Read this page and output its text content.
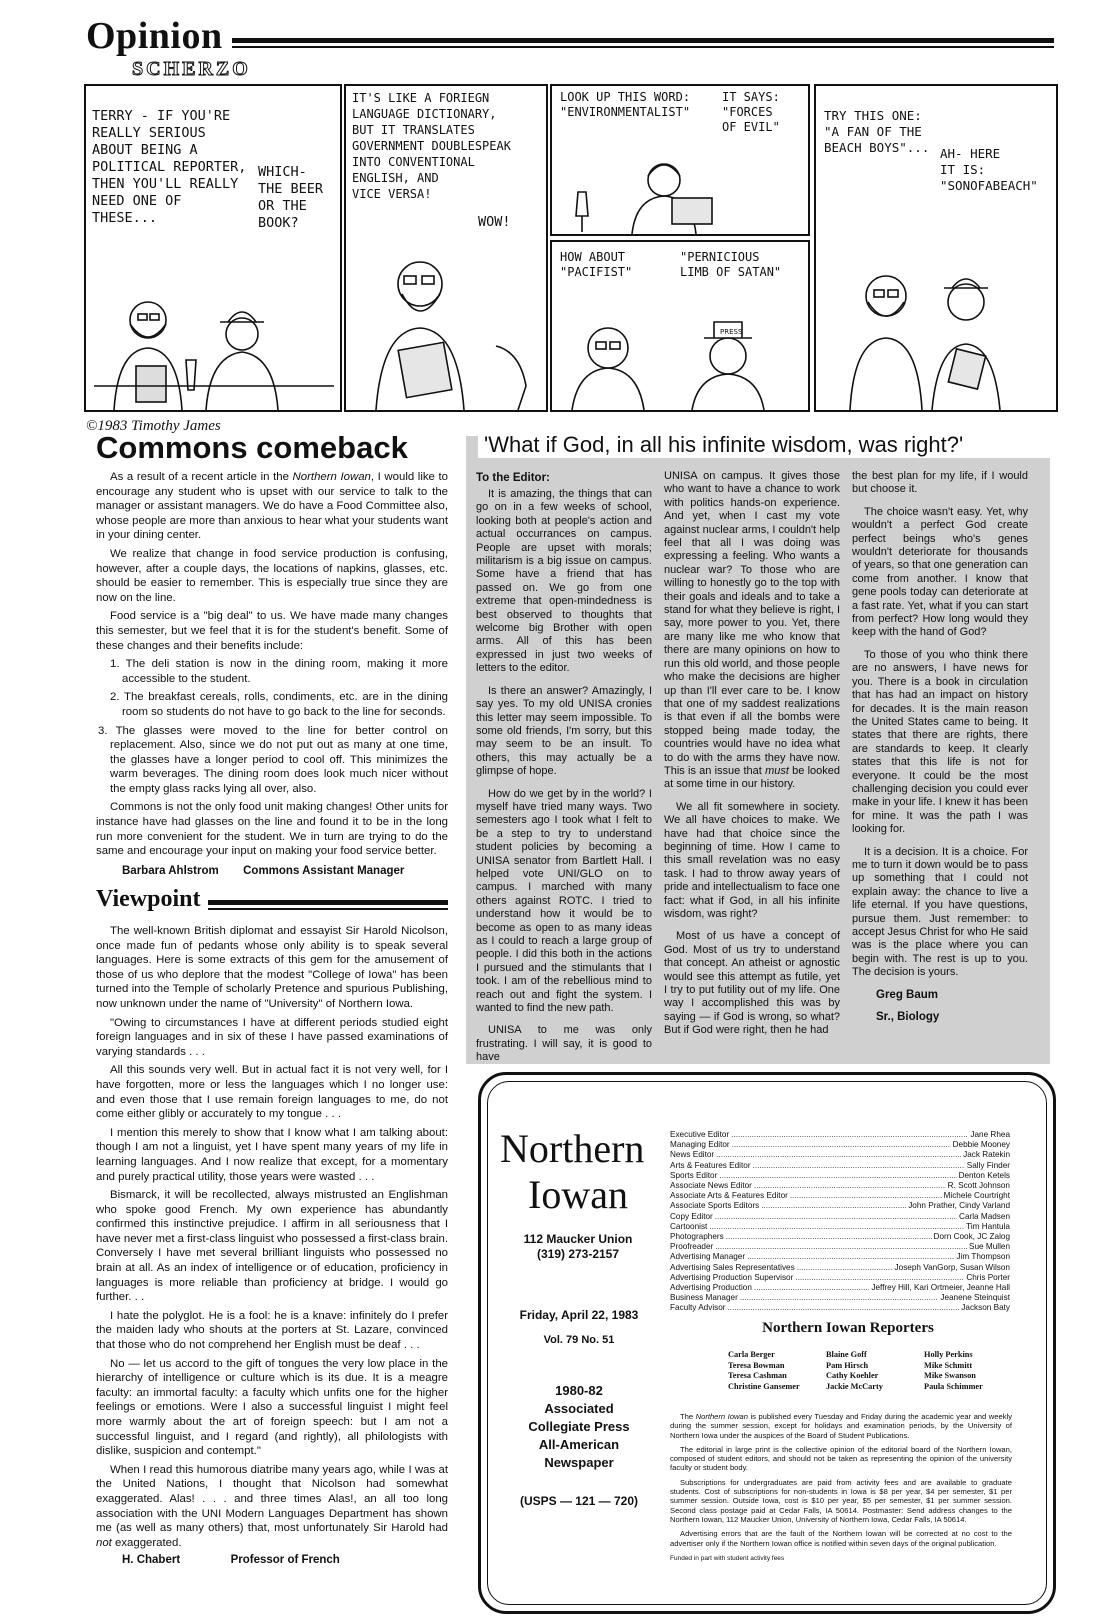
Opinion
SCHERZO
TERRY - IF YOU'RE
REALLY SERIOUS
ABOUT BEING A
POLITICAL REPORTER,
THEN YOU'LL REALLY
NEED ONE OF
THESE...
WHICH-
THE BEER
OR THE
BOOK?
IT'S LIKE A FORIEGN
LANGUAGE DICTIONARY,
BUT IT TRANSLATES
GOVERNMENT DOUBLESPEAK
INTO CONVENTIONAL
ENGLISH, AND
VICE VERSA!
WOW!
LOOK UP THIS WORD:
"ENVIRONMENTALIST"
IT SAYS:
"FORCES
OF EVIL"
HOW ABOUT
"PACIFIST"
"PERNICIOUS
LIMB OF SATAN"
PRESS
TRY THIS ONE:
"A FAN OF THE
BEACH BOYS"... AH- HERE
IT IS:
"SONOFABEACH"
©1983 Timothy James
Commons comeback

As a result of a recent article in the Northern Iowan, I would like to encourage any student who is upset with our service to talk to the manager or assistant managers. We do have a Food Committee also, whose people are more than anxious to hear what your students want in your dining center.

We realize that change in food service production is confusing, however, after a couple days, the locations of napkins, glasses, etc. should be easier to remember. This is especially true since they are now on the line.

Food service is a "big deal" to us. We have made many changes this semester, but we feel that it is for the student's benefit. Some of these changes and their benefits include:

1. The deli station is now in the dining room, making it more accessible to the student.

2. The breakfast cereals, rolls, condiments, etc. are in the dining room so students do not have to go back to the line for seconds.

3. The glasses were moved to the line for better control on replacement. Also, since we do not put out as many at one time, the glasses have a longer period to cool off. This minimizes the warm beverages. The dining room does look much nicer without the empty glass racks lying all over, also.

Commons is not the only food unit making changes! Other units for instance have had glasses on the line and found it to be in the long run more convenient for the student. We in turn are trying to do the same and encourage your input on making your food service better.

Barbara Ahlstrom Commons Assistant Manager
Viewpoint

The well-known British diplomat and essayist Sir Harold Nicolson, once made fun of pedants whose only ability is to speak several languages. Here is some extracts of this gem for the amusement of those of us who deplore that the modest "College of Iowa" has been turned into the Temple of scholarly Pretence and spurious Publishing, now unknown under the name of "University" of Northern Iowa.

"Owing to circumstances I have at different periods studied eight foreign languages and in six of these I have passed examinations of varying standards . . .

All this sounds very well. But in actual fact it is not very well, for I have forgotten, more or less the languages which I no longer use: and even those that I use remain foreign languages to me, do not come either glibly or accurately to my tongue . . .

I mention this merely to show that I know what I am talking about: though I am not a linguist, yet I have spent many years of my life in learning languages. And I now realize that except, for a momentary and purely practical utility, those years were wasted . . .

Bismarck, it will be recollected, always mistrusted an Englishman who spoke good French. My own experience has abundantly confirmed this instinctive prejudice. I affirm in all seriousness that I have never met a first-class linguist who possessed a first-class brain. Conversely I have met several brilliant linguists who possessed no brain at all. As an index of intelligence or of education, proficiency in languages is more reliable than proficiency at bridge. I would go further. . .

I hate the polyglot. He is a fool: he is a knave: infinitely do I prefer the maiden lady who shouts at the porters at St. Lazare, convinced that those who do not comprehend her English must be deaf . . .

No — let us accord to the gift of tongues the very low place in the hierarchy of intelligence or culture which is its due. It is a meagre faculty: an immortal faculty: a faculty which unfits one for the higher feelings or emotions. Were I also a successful linguist I might feel more warmly about the art of foreign speech: but I am not a successful linguist, and I regard (and rightly), all philologists with dislike, suspicion and contempt."

When I read this humorous diatribe many years ago, while I was at the United Nations, I thought that Nicolson had somewhat exaggerated. Alas! . . . and three times Alas!, an all too long association with the UNI Modern Languages Department has shown me (as well as many others) that, most unfortunately Sir Harold had not exaggerated.

H. Chabert	Professor of French
'What if God, in all his infinite wisdom, was right?'
To the Editor:

It is amazing, the things that can go on in a few weeks of school, looking both at people's action and actual occurrances on campus. People are upset with morals; militarism is a big issue on campus. Some have a friend that has passed on. We go from one extreme that open-mindedness is best observed to thoughts that welcome big Brother with open arms. All of this has been expressed in just two weeks of letters to the editor.

Is there an answer? Amazingly, I say yes. To my old UNISA cronies this letter may seem impossible. To some old friends, I'm sorry, but this may seem to be an insult. To others, this may actually be a glimpse of hope.

How do we get by in the world? I myself have tried many ways. Two semesters ago I took what I felt to be a step to try to understand student policies by becoming a UNISA senator from Bartlett Hall. I helped vote UNI/GLO on to campus. I marched with many others against ROTC. I tried to understand how it would be to become as open to as many ideas as I could to reach a large group of people. I did this both in the actions I pursued and the stimulants that I took. I am of the rebellious mind to reach out and fight the system. I wanted to find the new path.

UNISA to me was only frustrating. I will say, it is good to have

UNISA on campus. It gives those who want to have a chance to work with politics hands-on experience. And yet, when I cast my vote against nuclear arms, I couldn't help feel that all I was doing was expressing a feeling. Who wants a nuclear war? To those who are willing to honestly go to the top with their goals and ideals and to take a stand for what they believe is right, I say, more power to you. Yet, there are many like me who know that there are many opinions on how to run this old world, and those people who make the decisions are higher up than I'll ever care to be. I know that one of my saddest realizations is that even if all the bombs were stopped being made today, the countries would have no idea what to do with the arms they have now. This is an issue that must be looked at some time in our history.

We all fit somewhere in society. We all have choices to make. We have had that choice since the beginning of time. How I came to this small revelation was no easy task. I had to throw away years of pride and intellectualism to face one fact: what if God, in all his infinite wisdom, was right?

Most of us have a concept of God. Most of us try to understand that concept. An atheist or agnostic would see this attempt as futile, yet I try to put futility out of my life. One way I accomplished this was by saying — if God is wrong, so what? But if God were right, then he had

the best plan for my life, if I would but choose it.

The choice wasn't easy. Yet, why wouldn't a perfect God create perfect beings who's genes wouldn't deteriorate for thousands of years, so that one generation can come from another. I know that gene pools today can deteriorate at a fast rate. Yet, what if you can start from perfect? How long would they keep with the hand of God?

To those of you who think there are no answers, I have news for you. There is a book in circulation that has had an impact on history for decades. It is the main reason the United States came to being. It states that there are rights, there are standards to keep. It clearly states that this life is not for everyone. It could be the most challenging decision you could ever make in your life. I knew it has been for mine. It was the path I was looking for.

It is a decision. It is a choice. For me to turn it down would be to pass up something that I could not explain away: the chance to live a life eternal. If you have questions, pursue them. Just remember: to accept Jesus Christ for who He said was is the place where you can begin with. The rest is up to you. The decision is yours.

Greg Baum
Sr., Biology
Northern
Iowan
112 Maucker Union
(319) 273-2157
Friday, April 22, 1983
Vol. 79 No. 51
1980-82
Associated
Collegiate Press
All-American
Newspaper
(USPS — 121 — 720)
Executive Editor .....	Jane Rhea
Managing Editor .....	Debbie Mooney
News Editor .....	Jack Ratekin
Arts & Features Editor .....	Sally Finder
Sports Editor .....	Denton Ketels
Associate News Editor .....	R. Scott Johnson
Associate Arts & Features Editor .....	Michele Courtright
Associate Sports Editors .....	John Prather, Cindy Varland
Copy Editor .....	Carla Madsen
Cartoonist .....	Tim Hantula
Photographers .....	Dorn Cook, JC Zalog
Proofreader .....	Sue Mullen
Advertising Manager .....	Jim Thompson
Advertising Sales Representatives .....	Joseph VanGorp, Susan Wilson
Advertising Production Supervisor .....	Chris Porter
Advertising Production .....	Jeffrey Hill, Kari Ortmeier, Jeanne Hall
Business Manager .....	Jeanene Steinquist
Faculty Advisor .....	Jackson Baty
Northern Iowan Reporters
Carla Berger	Blaine Goff	Holly Perkins
Teresa Bowman	Pam Hirsch	Mike Schmitt
Teresa Cashman	Cathy Koehler	Mike Swanson
Christine Gansemer	Jackie McCarty	Paula Schimmer

The Northern Iowan is published every Tuesday and Friday during the academic year and weekly during the summer session, except for holidays and examination periods, by the University of Northern Iowa under the auspices of the Board of Student Publications.

The editorial in large print is the collective opinion of the editorial board of the Northern Iowan, composed of student editors, and should not be taken as representing the opinion of the university faculty or student body.

Subscriptions for undergraduates are paid from activity fees and are available to graduate students. Cost of subscriptions for non-students in Iowa is $8 per year, $4 per semester, $1 per summer session. Outside Iowa, cost is $10 per year, $5 per semester, $1 per summer session. Second class postage paid at Cedar Falls, IA 50614. Postmaster: Send address changes to the Northern Iowan, 112 Maucker Union, University of Northern Iowa, Cedar Falls, IA 50614.

Advertising errors that are the fault of the Northern Iowan will be corrected at no cost to the advertiser only if the Northern Iowan office is notified within seven days of the original publication.

Funded in part with student activity fees
